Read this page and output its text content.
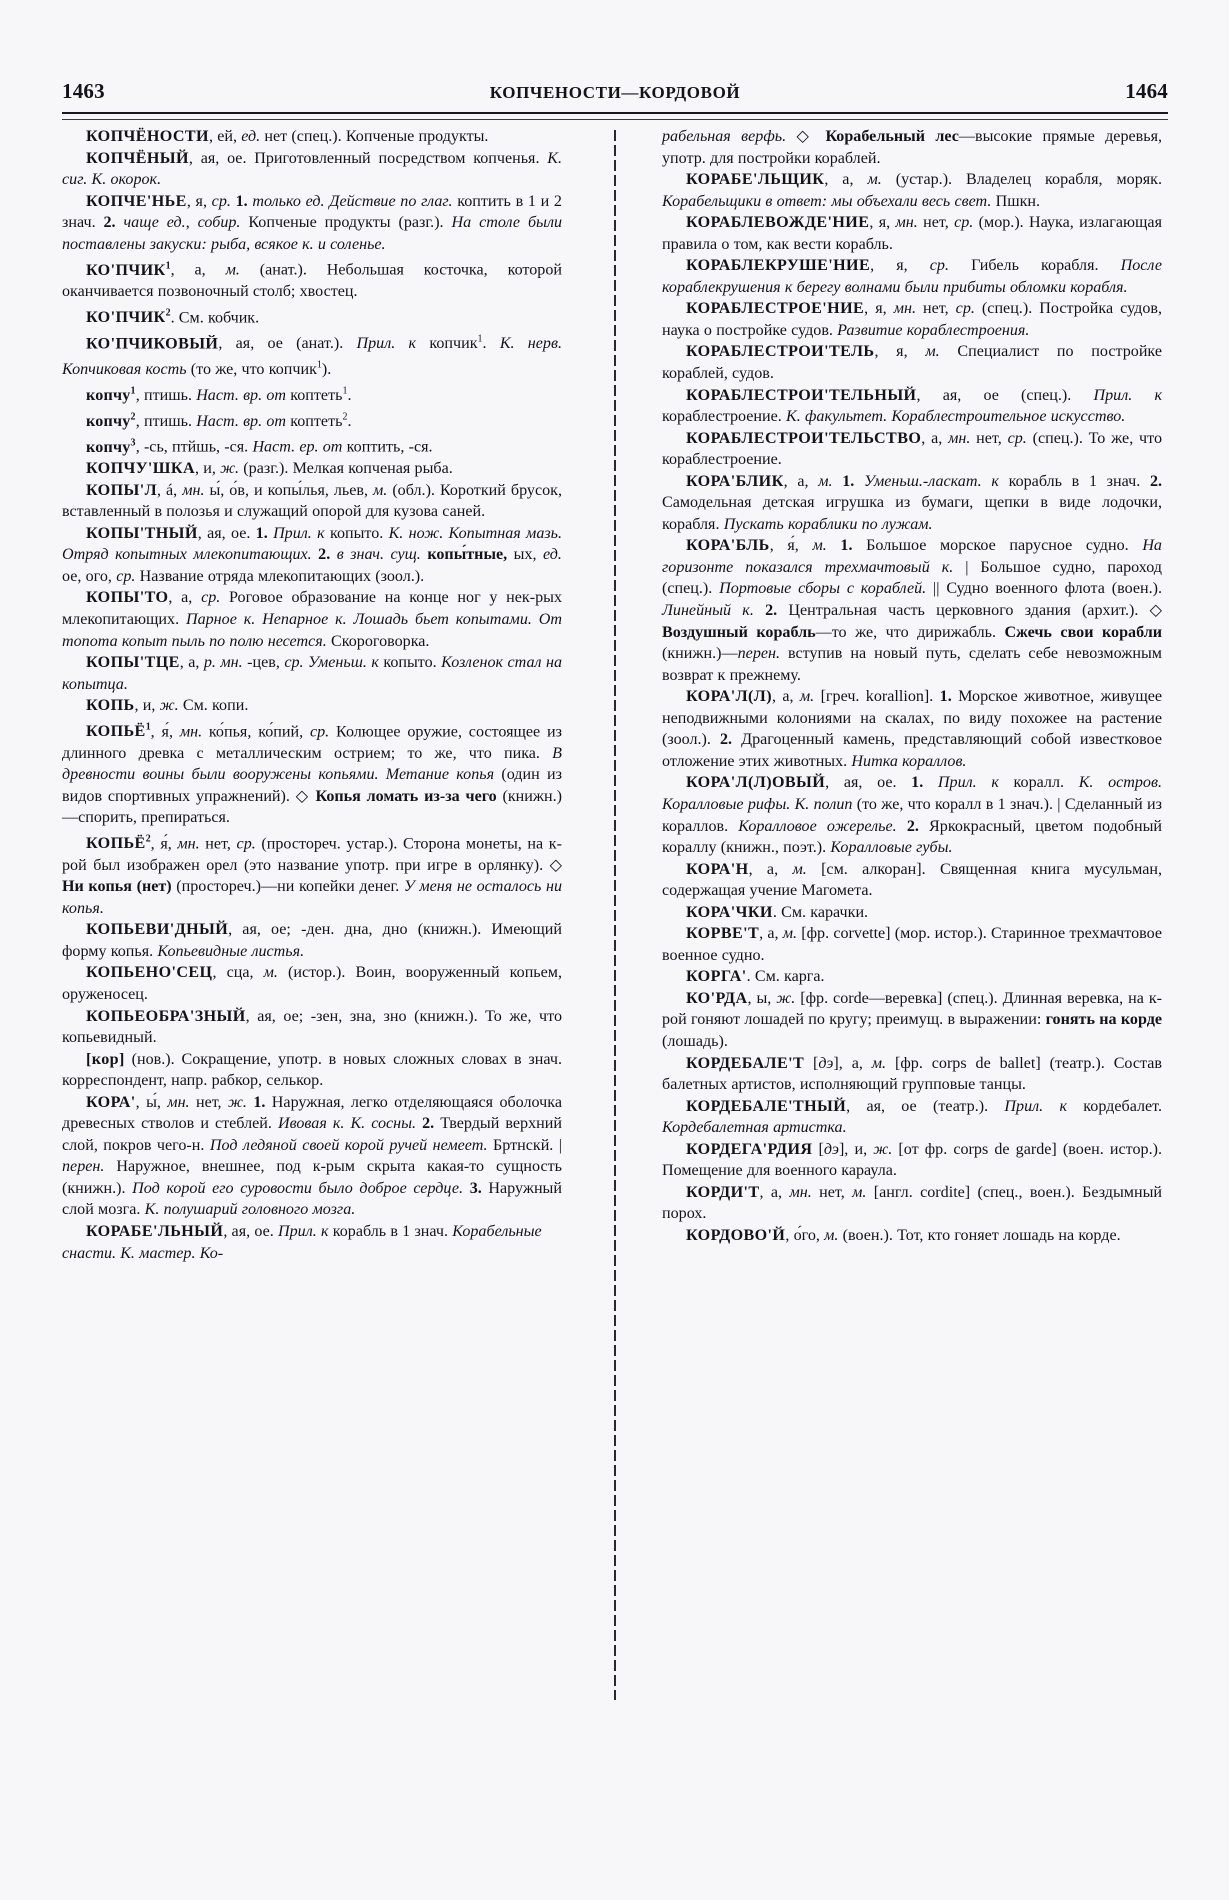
1463	КОПЧЕНОСТИ—КОРДОВОЙ	1464

КОПЧЁНОСТИ, ей, ед. нет (спец.). Копченые продукты.

КОПЧЁНЫЙ, ая, ое. Приготовленный посредством копченья. К. сиг. К. окорок.

КОПЧЕ'НЬЕ, я, ср. 1. только ед. Действие по глаг. коптить в 1 и 2 знач. 2. чаще ед., собир. Копченые продукты (разг.). На столе были поставлены закуски: рыба, всякое к. и соленье.

КО'ПЧИК$^1$, а, м. (анат.). Небольшая косточка, которой оканчивается позвоночный столб; хвостец.

КО'ПЧИК$^2$. См. кобчик.

КО'ПЧИКОВЫЙ, ая, ое (анат.). Прил. к копчик$^1$. К. нерв. Копчиковая кость (то же, что копчик$^1$).

копчу$^1$, птишь. Наст. вр. от коптеть$^1$.

копчу$^2$, птишь. Наст. вр. от коптеть$^2$.

копчу$^3$, -сь, птйшь, -ся. Наст. ер. от коптить, -ся.

КОПЧУ'ШКА, и, ж. (разг.). Мелкая копченая рыба.

КОПЫ'Л, á, мн. ы́, о́в, и копы́лья, льев, м. (обл.). Короткий брусок, вставленный в полозья и служащий опорой для кузова саней.

КОПЫ'ТНЫЙ, ая, ое. 1. Прил. к копыто. К. нож. Копытная мазь. Отряд копытных млекопитающих. 2. в знач. сущ. копы́тные, ых, ед. ое, ого, ср. Название отряда млекопитающих (зоол.).

КОПЫ'ТО, а, ср. Роговое образование на конце ног у нек-рых млекопитающих. Парное к. Непарное к. Лошадь бьет копытами. От топота копыт пыль по полю несется. Скороговорка.

КОПЫ'ТЦЕ, а, р. мн. -цев, ср. Уменьш. к копыто. Козленок стал на копытца.

КОПЬ, и, ж. См. копи.

КОПЬЁ$^1$, я́, мн. ко́пья, ко́пий, ср. Колющее оружие, состоящее из длинного древка с металлическим острием; то же, что пика. В древности воины были вооружены копьями. Метание копья (один из видов спортивных упражнений). ◇ Копья ломать из-за чего (книжн.)—спорить, препираться.

КОПЬЁ$^2$, я́, мн. нет, ср. (простореч. устар.). Сторона монеты, на к-рой был изображен орел (это название употр. при игре в орлянку). ◇ Ни копья (нет) (простореч.)—ни копейки денег. У меня не осталось ни копья.

КОПЬЕВИ'ДНЫЙ, ая, ое; -ден. дна, дно (книжн.). Имеющий форму копья. Копьевидные листья.

КОПЬЕНО'СЕЦ, сца, м. (истор.). Воин, вооруженный копьем, оруженосец.

КОПЬЕОБРА'ЗНЫЙ, ая, ое; -зен, зна, зно (книжн.). То же, что копьевидный.

[кор] (нов.). Сокращение, употр. в новых сложных словах в знач. корреспондент, напр. рабкор, селькор.

КОРА', ы́, мн. нет, ж. 1. Наружная, легко отделяющаяся оболочка древесных стволов и стеблей. Ивовая к. К. сосны. 2. Твердый верхний слой, покров чего-н. Под ледяной своей корой ручей немеет. Бртнскй. | перен. Наружное, внешнее, под к-рым скрыта какая-то сущность (книжн.). Под корой его суровости было доброе сердце. 3. Наружный слой мозга. К. полушарий головного мозга.

КОРАБЕ'ЛЬНЫЙ, ая, ое. Прил. к корабль в 1 знач. Корабельные снасти. К. мастер. Ко-

рабельная верфь. ◇ Корабельный лес—высокие прямые деревья, употр. для постройки кораблей.

КОРАБЕ'ЛЬЩИК, а, м. (устар.). Владелец корабля, моряк. Корабельщики в ответ: мы объехали весь свет. Пшкн.

КОРАБЛЕВОЖДЕ'НИЕ, я, мн. нет, ср. (мор.). Наука, излагающая правила о том, как вести корабль.

КОРАБЛЕКРУШЕ'НИЕ, я, ср. Гибель корабля. После кораблекрушения к берегу волнами были прибиты обломки корабля.

КОРАБЛЕСТРОЕ'НИЕ, я, мн. нет, ср. (спец.). Постройка судов, наука о постройке судов. Развитие кораблестроения.

КОРАБЛЕСТРОИ'ТЕЛЬ, я, м. Специалист по постройке кораблей, судов.

КОРАБЛЕСТРОИ'ТЕЛЬНЫЙ, ая, ое (спец.). Прил. к кораблестроение. К. факультет. Кораблестроительное искусство.

КОРАБЛЕСТРОИ'ТЕЛЬСТВО, а, мн. нет, ср. (спец.). То же, что кораблестроение.

КОРА'БЛИК, а, м. 1. Уменьш.-ласкат. к корабль в 1 знач. 2. Самодельная детская игрушка из бумаги, щепки в виде лодочки, корабля. Пускать кораблики по лужам.

КОРА'БЛЬ, я́, м. 1. Большое морское парусное судно. На горизонте показался трехмачтовый к. | Большое судно, пароход (спец.). Портовые сборы с кораблей. || Судно военного флота (воен.). Линейный к. 2. Центральная часть церковного здания (архит.). ◇ Воздушный корабль—то же, что дирижабль. Сжечь свои корабли (книжн.)—перен. вступив на новый путь, сделать себе невозможным возврат к прежнему.

КОРА'Л(Л), а, м. [греч. korallion]. 1. Морское животное, живущее неподвижными колониями на скалах, по виду похожее на растение (зоол.). 2. Драгоценный камень, представляющий собой известковое отложение этих животных. Нитка кораллов.

КОРА'Л(Л)ОВЫЙ, ая, ое. 1. Прил. к коралл. К. остров. Коралловые рифы. К. полип (то же, что коралл в 1 знач.). | Сделанный из кораллов. Коралловое ожерелье. 2. Яркокрасный, цветом подобный кораллу (книжн., поэт.). Коралловые губы.

КОРА'Н, а, м. [см. алкоран]. Священная книга мусульман, содержащая учение Магомета.

КОРА'ЧКИ. См. карачки.

КОРВЕ'Т, а, м. [фр. corvette] (мор. истор.). Старинное трехмачтовое военное судно.

КОРГА'. См. карга.

КО'РДА, ы, ж. [фр. corde—веревка] (спец.). Длинная веревка, на к-рой гоняют лошадей по кругу; преимущ. в выражении: гонять на корде (лошадь).

КОРДЕБАЛЕ'Т [дэ], а, м. [фр. corps de ballet] (театр.). Состав балетных артистов, исполняющий групповые танцы.

КОРДЕБАЛЕ'ТНЫЙ, ая, ое (театр.). Прил. к кордебалет. Кордебалетная артистка.

КОРДЕГА'РДИЯ [дэ], и, ж. [от фр. corps de garde] (воен. истор.). Помещение для военного караула.

КОРДИ'Т, а, мн. нет, м. [англ. cordite] (спец., воен.). Бездымный порох.

КОРДОВО'Й, о́го, м. (воен.). Тот, кто гоняет лошадь на корде.
